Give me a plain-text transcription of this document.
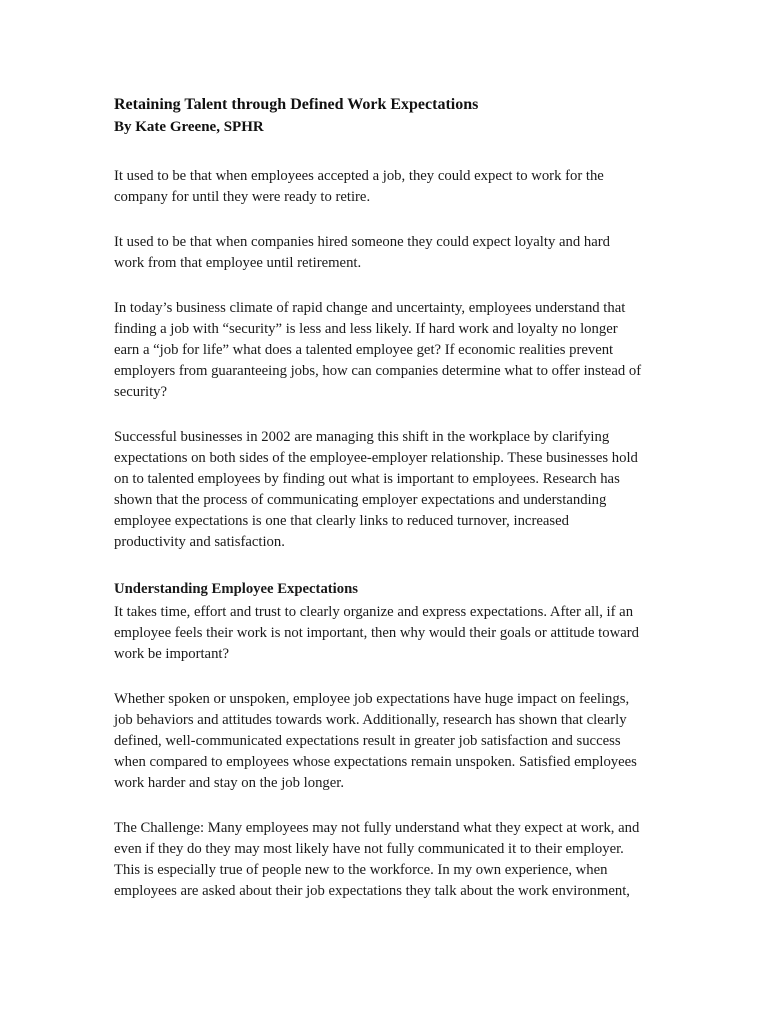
Retaining Talent through Defined Work Expectations
By Kate Greene, SPHR

It used to be that when employees accepted a job, they could expect to work for the
company for until they were ready to retire.

It used to be that when companies hired someone they could expect loyalty and hard
work from that employee until retirement.

In today’s business climate of rapid change and uncertainty, employees understand that
finding a job with “security” is less and less likely. If hard work and loyalty no longer
earn a “job for life” what does a talented employee get? If economic realities prevent
employers from guaranteeing jobs, how can companies determine what to offer instead of
security?

Successful businesses in 2002 are managing this shift in the workplace by clarifying
expectations on both sides of the employee-employer relationship. These businesses hold
on to talented employees by finding out what is important to employees. Research has
shown that the process of communicating employer expectations and understanding
employee expectations is one that clearly links to reduced turnover, increased
productivity and satisfaction.

Understanding Employee Expectations

It takes time, effort and trust to clearly organize and express expectations. After all, if an
employee feels their work is not important, then why would their goals or attitude toward
work be important?

Whether spoken or unspoken, employee job expectations have huge impact on feelings,
job behaviors and attitudes towards work. Additionally, research has shown that clearly
defined, well-communicated expectations result in greater job satisfaction and success
when compared to employees whose expectations remain unspoken. Satisfied employees
work harder and stay on the job longer.

The Challenge: Many employees may not fully understand what they expect at work, and
even if they do they may most likely have not fully communicated it to their employer.
This is especially true of people new to the workforce. In my own experience, when
employees are asked about their job expectations they talk about the work environment,
